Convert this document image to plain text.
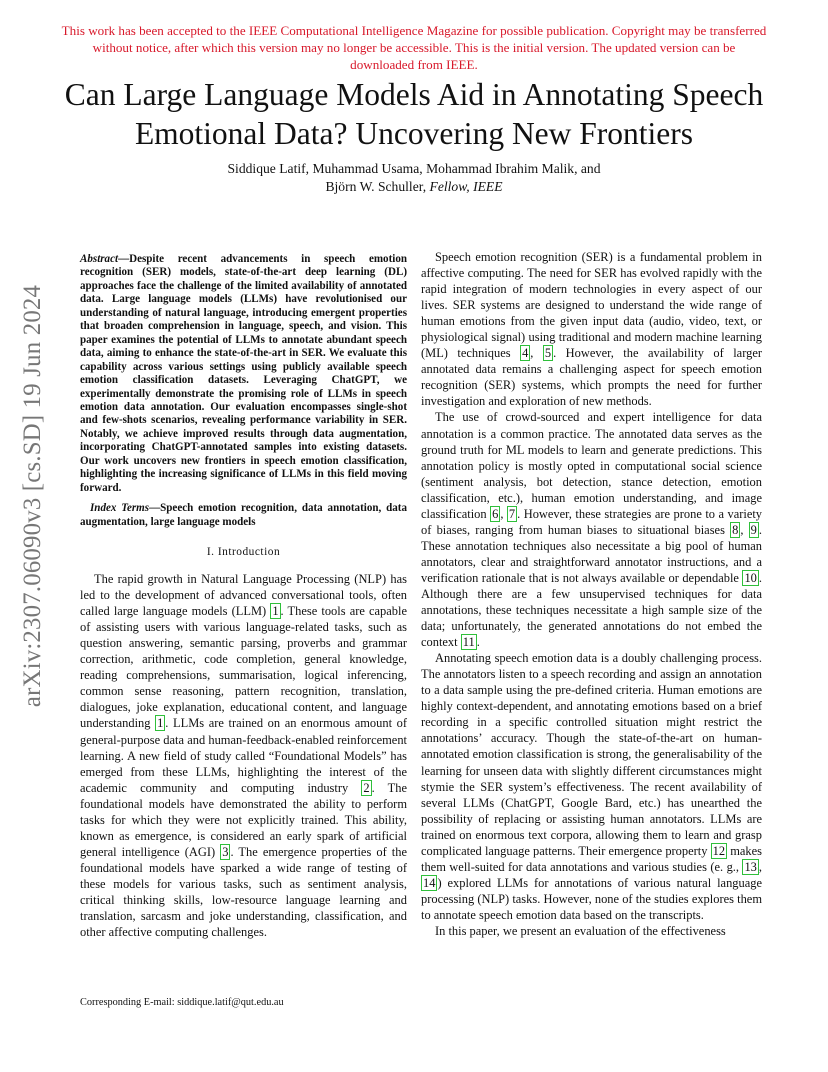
This work has been accepted to the IEEE Computational Intelligence Magazine for possible publication. Copyright may be transferred without notice, after which this version may no longer be accessible. This is the initial version. The updated version can be downloaded from IEEE.

Can Large Language Models Aid in Annotating Speech Emotional Data? Uncovering New Frontiers

Siddique Latif, Muhammad Usama, Mohammad Ibrahim Malik, and
Björn W. Schuller, Fellow, IEEE

arXiv:2307.06090v3 [cs.SD] 19 Jun 2024

Abstract—Despite recent advancements in speech emotion recognition (SER) models, state-of-the-art deep learning (DL) approaches face the challenge of the limited availability of annotated data. Large language models (LLMs) have revolutionised our understanding of natural language, introducing emergent properties that broaden comprehension in language, speech, and vision. This paper examines the potential of LLMs to annotate abundant speech data, aiming to enhance the state-of-the-art in SER. We evaluate this capability across various settings using publicly available speech emotion classification datasets. Leveraging ChatGPT, we experimentally demonstrate the promising role of LLMs in speech emotion data annotation. Our evaluation encompasses single-shot and few-shots scenarios, revealing performance variability in SER. Notably, we achieve improved results through data augmentation, incorporating ChatGPT-annotated samples into existing datasets. Our work uncovers new frontiers in speech emotion classification, highlighting the increasing significance of LLMs in this field moving forward.

Index Terms—Speech emotion recognition, data annotation, data augmentation, large language models

I. Introduction

The rapid growth in Natural Language Processing (NLP) has led to the development of advanced conversational tools, often called large language models (LLM) 1 . These tools are capable of assisting users with various language-related tasks, such as question answering, semantic parsing, proverbs and grammar correction, arithmetic, code completion, general knowledge, reading comprehensions, summarisation, logical inferencing, common sense reasoning, pattern recognition, translation, dialogues, joke explanation, educational content, and language understanding 1 . LLMs are trained on an enormous amount of general-purpose data and human-feedback-enabled reinforcement learning. A new field of study called “Foundational Models” has emerged from these LLMs, highlighting the interest of the academic community and computing industry 2 . The foundational models have demonstrated the ability to perform tasks for which they were not explicitly trained. This ability, known as emergence, is considered an early spark of artificial general intelligence (AGI) 3 . The emergence properties of the foundational models have sparked a wide range of testing of these models for various tasks, such as sentiment analysis, critical thinking skills, low-resource language learning and translation, sarcasm and joke understanding, classification, and other affective computing challenges.

Speech emotion recognition (SER) is a fundamental problem in affective computing. The need for SER has evolved rapidly with the rapid integration of modern technologies in every aspect of our lives. SER systems are designed to understand the wide range of human emotions from the given input data (audio, video, text, or physiological signal) using traditional and modern machine learning (ML) techniques 4 , 5 . However, the availability of larger annotated data remains a challenging aspect for speech emotion recognition (SER) systems, which prompts the need for further investigation and exploration of new methods.

The use of crowd-sourced and expert intelligence for data annotation is a common practice. The annotated data serves as the ground truth for ML models to learn and generate predictions. This annotation policy is mostly opted in computational social science (sentiment analysis, bot detection, stance detection, emotion classification, etc.), human emotion understanding, and image classification 6 , 7 . However, these strategies are prone to a variety of biases, ranging from human biases to situational biases 8 , 9 . These annotation techniques also necessitate a big pool of human annotators, clear and straightforward annotator instructions, and a verification rationale that is not always available or dependable 10 . Although there are a few unsupervised techniques for data annotations, these techniques necessitate a high sample size of the data; unfortunately, the generated annotations do not embed the context 11 .

Annotating speech emotion data is a doubly challenging process. The annotators listen to a speech recording and assign an annotation to a data sample using the pre-defined criteria. Human emotions are highly context-dependent, and annotating emotions based on a brief recording in a specific controlled situation might restrict the annotations’ accuracy. Though the state-of-the-art on human-annotated emotion classification is strong, the generalisability of the learning for unseen data with slightly different circumstances might stymie the SER system’s effectiveness. The recent availability of several LLMs (ChatGPT, Google Bard, etc.) has unearthed the possibility of replacing or assisting human annotators. LLMs are trained on enormous text corpora, allowing them to learn and grasp complicated language patterns. Their emergence property 12 makes them well-suited for data annotations and various studies (e. g., 13 , 14 ) explored LLMs for annotations of various natural language processing (NLP) tasks. However, none of the studies explores them to annotate speech emotion data based on the transcripts.

In this paper, we present an evaluation of the effectiveness

Corresponding E-mail: siddique.latif@qut.edu.au
